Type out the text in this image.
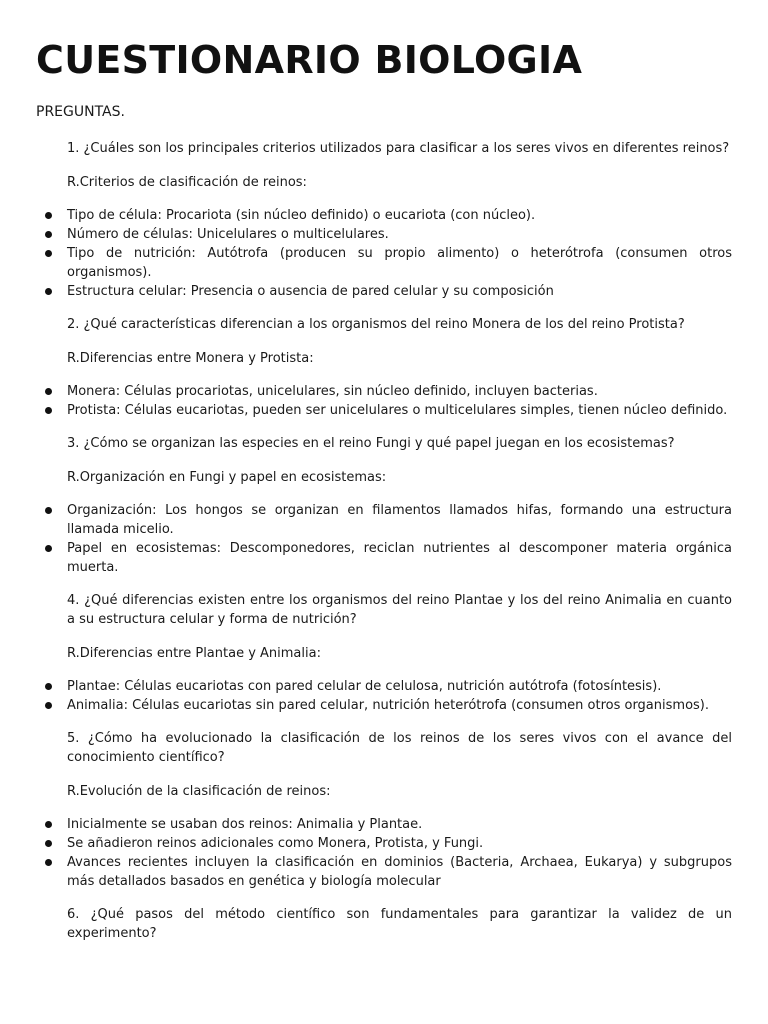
CUESTIONARIO BIOLOGIA
PREGUNTAS.

1. ¿Cuáles son los principales criterios utilizados para clasificar a los seres vivos en diferentes reinos?

R.Criterios de clasificación de reinos:

Tipo de célula: Procariota (sin núcleo definido) o eucariota (con núcleo).
Número de células: Unicelulares o multicelulares.
Tipo de nutrición: Autótrofa (producen su propio alimento) o heterótrofa (consumen otros organismos).
Estructura celular: Presencia o ausencia de pared celular y su composición

2. ¿Qué características diferencian a los organismos del reino Monera de los del reino Protista?

R.Diferencias entre Monera y Protista:

Monera: Células procariotas, unicelulares, sin núcleo definido, incluyen bacterias.
Protista: Células eucariotas, pueden ser unicelulares o multicelulares simples, tienen núcleo definido.

3. ¿Cómo se organizan las especies en el reino Fungi y qué papel juegan en los ecosistemas?

R.Organización en Fungi y papel en ecosistemas:

Organización: Los hongos se organizan en filamentos llamados hifas, formando una estructura llamada micelio.
Papel en ecosistemas: Descomponedores, reciclan nutrientes al descomponer materia orgánica muerta.

4. ¿Qué diferencias existen entre los organismos del reino Plantae y los del reino Animalia en cuanto a su estructura celular y forma de nutrición?

R.Diferencias entre Plantae y Animalia:

Plantae: Células eucariotas con pared celular de celulosa, nutrición autótrofa (fotosíntesis).
Animalia: Células eucariotas sin pared celular, nutrición heterótrofa (consumen otros organismos).

5. ¿Cómo ha evolucionado la clasificación de los reinos de los seres vivos con el avance del conocimiento científico?

R.Evolución de la clasificación de reinos:

Inicialmente se usaban dos reinos: Animalia y Plantae.
Se añadieron reinos adicionales como Monera, Protista, y Fungi.
Avances recientes incluyen la clasificación en dominios (Bacteria, Archaea, Eukarya) y subgrupos más detallados basados en genética y biología molecular

6. ¿Qué pasos del método científico son fundamentales para garantizar la validez de un experimento?
